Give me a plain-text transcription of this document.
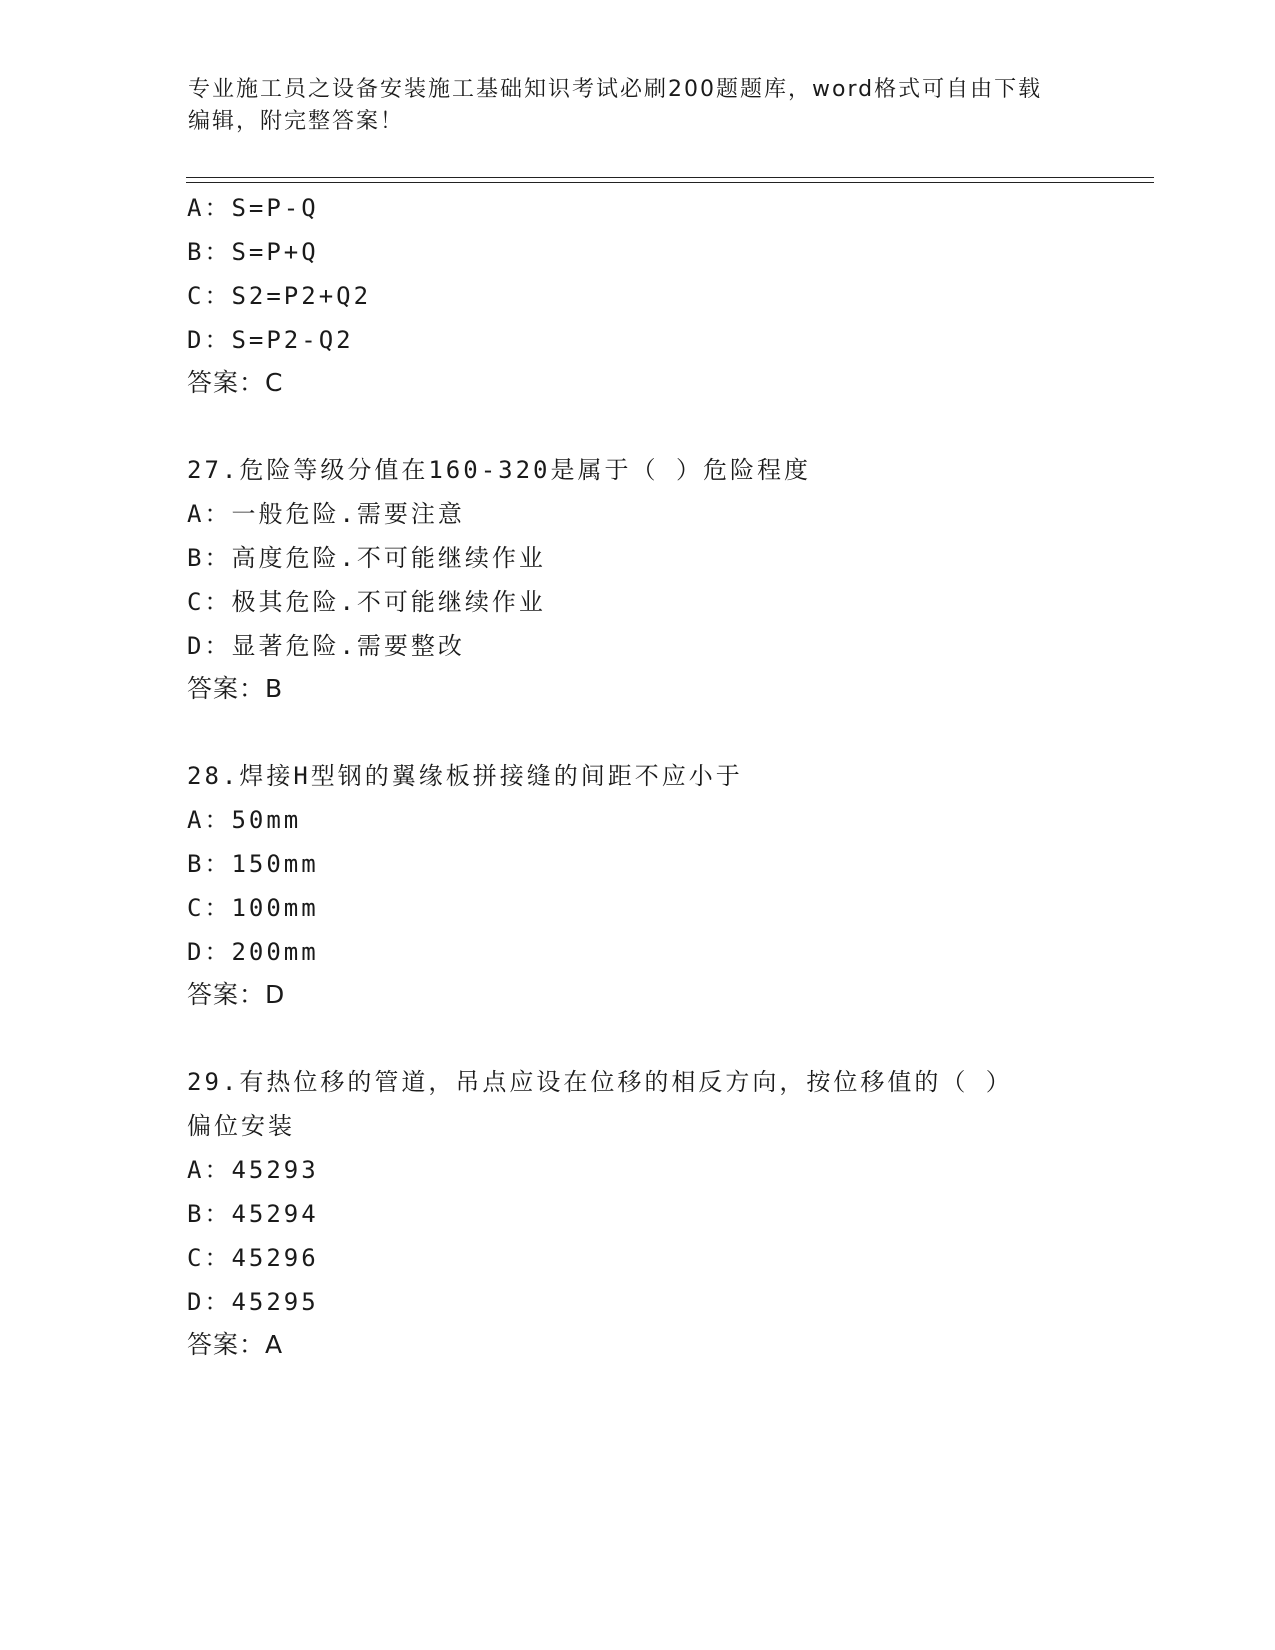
专业施工员之设备安装施工基础知识考试必刷200题题库，word格式可自由下载
编辑，附完整答案！
A：S=P-Q
B：S=P+Q
C：S2=P2+Q2
D：S=P2-Q2
答案：C
27.危险等级分值在160-320是属于（ ）危险程度
A：一般危险.需要注意
B：高度危险.不可能继续作业
C：极其危险.不可能继续作业
D：显著危险.需要整改
答案：B
28.焊接H型钢的翼缘板拼接缝的间距不应小于
A：50mm
B：150mm
C：100mm
D：200mm
答案：D
29.有热位移的管道，吊点应设在位移的相反方向，按位移值的（ ）
偏位安装
A：45293
B：45294
C：45296
D：45295
答案：A
